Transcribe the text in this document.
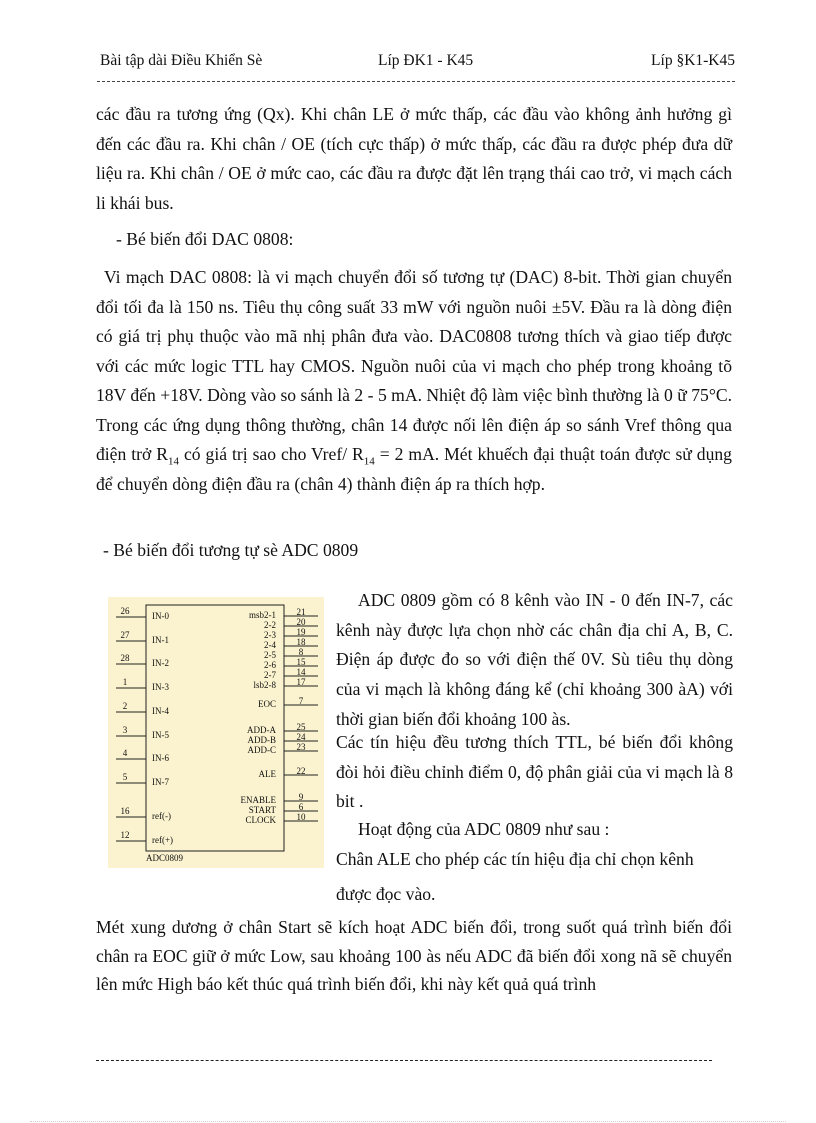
Bài tập dài Điều Khiển Sè	Líp ĐK1 - K45	Líp §K1-K45

các đầu ra tương ứng (Qx). Khi chân LE ở mức thấp, các đầu vào không ảnh hưởng gì đến các đầu ra. Khi chân / OE (tích cực thấp) ở mức thấp, các đầu ra được phép đưa dữ liệu ra. Khi chân / OE ở mức cao, các đầu ra được đặt lên trạng thái cao trở, vi mạch cách li khái bus.

- Bé biến đổi DAC 0808:

Vi mạch DAC 0808: là vi mạch chuyển đổi số tương tự (DAC) 8-bit. Thời gian chuyển đổi tối đa là 150 ns. Tiêu thụ công suất 33 mW với nguồn nuôi ±5V. Đầu ra là dòng điện có giá trị phụ thuộc vào mã nhị phân đưa vào. DAC0808 tương thích và giao tiếp được với các mức logic TTL hay CMOS. Nguồn nuôi của vi mạch cho phép trong khoảng tõ 18V đến +18V. Dòng vào so sánh là 2 - 5 mA. Nhiệt độ làm việc bình thường là 0 ữ 75°C. Trong các ứng dụng thông thường, chân 14 được nối lên điện áp so sánh Vref thông qua điện trở $R_{14}$ có giá trị sao cho Vref/ $R_{14} = 2$ mA. Mét khuếch đại thuật toán được sử dụng để chuyển dòng điện đầu ra (chân 4) thành điện áp ra thích hợp.

- Bé biến đổi tương tự sè ADC 0809

26	IN-0
27	IN-1
28	IN-2
1	IN-3
2	IN-4
3	IN-5
4	IN-6
5	IN-7
16	ref(-)
12	ref(+)
21
msb2-1
20
2-2
19
2-3
18
2-4
8
2-5
15
2-6
14
2-7
17
lsb2-8
7
EOC
25
ADD-A
24
ADD-B
23
ADD-C
22
ALE
9
ENABLE
6
START
10
CLOCK
ADC0809

ADC 0809 gồm có 8 kênh vào IN - 0 đến IN-7, các kênh này được lựa chọn nhờ các chân địa chỉ A, B, C. Điện áp được đo so với điện thế 0V. Sù tiêu thụ dòng của vi mạch là không đáng kể (chỉ khoảng 300 àA) với thời gian biến đổi khoảng 100 às.

Các tín hiệu đều tương thích TTL, bé biến đổi không đòi hỏi điều chỉnh điểm 0, độ phân giải của vi mạch là 8 bit .

Hoạt động của ADC 0809 như sau :

Chân ALE cho phép các tín hiệu địa chỉ chọn kênh được đọc vào.

Mét xung dương ở chân Start sẽ kích hoạt ADC biến đổi, trong suốt quá trình biến đổi chân ra EOC giữ ở mức Low, sau khoảng 100 às nếu ADC đã biến đổi xong nã sẽ chuyển lên mức High báo kết thúc quá trình biến đổi, khi này kết quả quá trình
